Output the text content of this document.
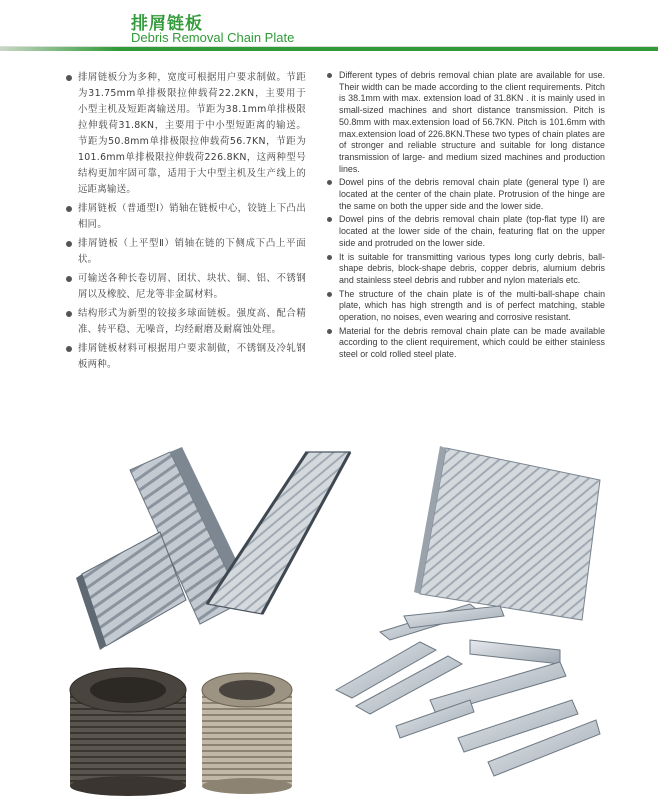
排屑链板
Debris Removal Chain Plate
排屑链板分为多种，宽度可根据用户要求制做。节距为31.75mm单排极限拉伸载荷22.2KN，主要用于小型主机及短距离输送用。节距为38.1mm单排极限拉伸载荷31.8KN，主要用于中小型短距离的输送。节距为50.8mm单排极限拉伸载荷56.7KN，节距为101.6mm单排极限拉伸载荷226.8KN，这两种型号结构更加牢固可靠，适用于大中型主机及生产线上的远距离输送。
排屑链板（普通型Ⅰ）销轴在链板中心，铰链上下凸出相同。
排屑链板（上平型Ⅱ）销轴在链的下侧成下凸上平面状。
可输送各种长卷切屑、团状、块状、铜、铝、不锈钢屑以及橡胶、尼龙等非金属材料。
结构形式为新型的铰接多球面链板。强度高、配合精准、转平稳、无噪音，均经耐磨及耐腐蚀处理。
排屑链板材料可根据用户要求制做，不锈钢及冷轧钢板两种。
Different types of debris removal chian plate are available for use. Their width can be made according to the client requirements. Pitch is 38.1mm with max. extension load of 31.8KN . it is mainly used in small-sized machines and short distance transmission. Pitch is 50.8mm with max.extension load of 56.7KN. Pitch is 101.6mm with max.extension load of 226.8KN.These two types of chain plates are of stronger and reliable structure and suitable for long distance transmission of large- and medium sized machines and production lines.
Dowel pins of the debris removal chain plate (general type I) are located at the center of the chain plate. Protrusion of the hinge are the same on both the upper side and the lower side.
Dowel pins of the debris removal chain plate (top-flat type II) are located at the lower side of the chain, featuring flat on the upper side and protruded on the lower side.
It is suitable for transmitting various types long curly debris, ball-shape debris, block-shape debris, copper debris, alumium debris and stainless steel debris and rubber and nylon materials etc.
The structure of the chain plate is of the multi-ball-shape chain plate, which has high strength and is of perfect matching, stable operation, no noises, even wearing and corrosive resistant.
Material for the debris removal chain plate can be made available according to the client requirement, which could be either stainless steel or cold rolled steel plate.
